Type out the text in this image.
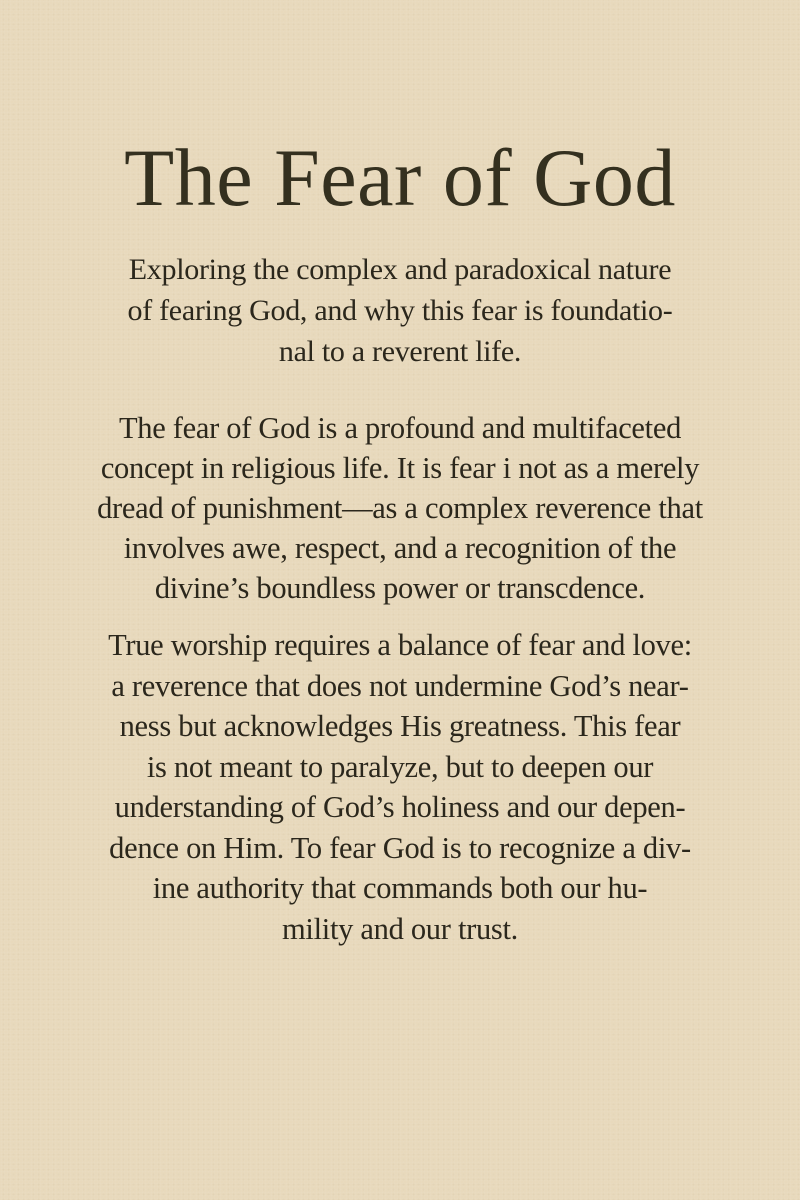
The Fear of God

Exploring the complex and paradoxical nature
of fearing God, and why this fear is foundatio-
nal to a reverent life.

The fear of God is a profound and multifaceted
concept in religious life. It is fear i not as a merely
dread of punishment—as a complex reverence that
involves awe, respect, and a recognition of the
divine’s boundless power or transcdence.

True worship requires a balance of fear and love:
a reverence that does not undermine God’s near-
ness but acknowledges His greatness. This fear
is not meant to paralyze, but to deepen our
understanding of God’s holiness and our depen-
dence on Him. To fear God is to recognize a div-
ine authority that commands both our hu-
mility and our trust.
